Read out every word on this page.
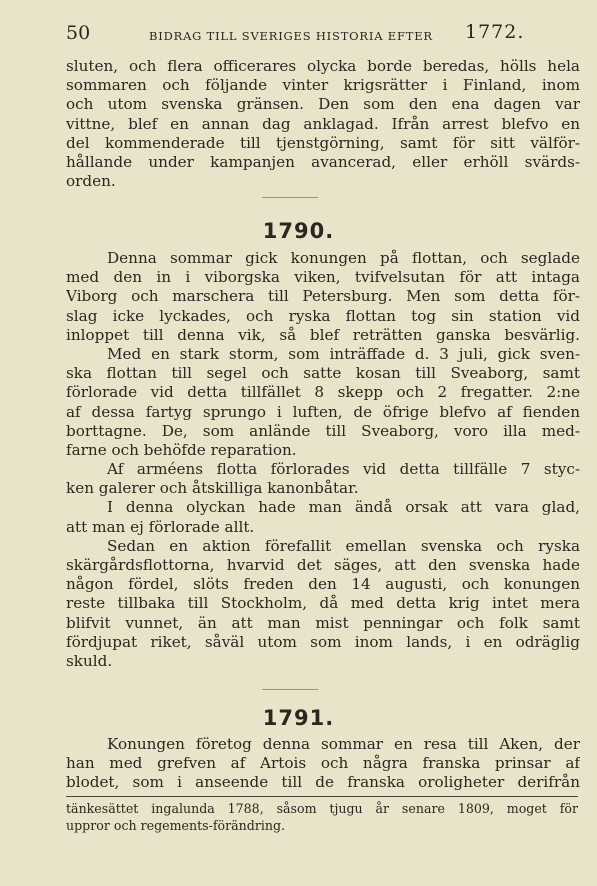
50	BIDRAG TILL SVERIGES HISTORIA EFTER 1772.
sluten, och flera officerares olycka borde beredas, hölls hela
sommaren och följande vinter krigsrätter i Finland, inom
och utom svenska gränsen. Den som den ena dagen var
vittne, blef en annan dag anklagad. Ifrån arrest blefvo en
del kommenderade till tjenstgörning, samt för sitt välför-
hållande under kampanjen avancerad, eller erhöll svärds-
orden.
1790.
Denna sommar gick konungen på flottan, och seglade
med den in i viborgska viken, tvifvelsutan för att intaga
Viborg och marschera till Petersburg. Men som detta för-
slag icke lyckades, och ryska flottan tog sin station vid
inloppet till denna vik, så blef reträtten ganska besvärlig.
Med en stark storm, som inträffade d. 3 juli, gick sven-
ska flottan till segel och satte kosan till Sveaborg, samt
förlorade vid detta tillfället 8 skepp och 2 fregatter. 2:ne
af dessa fartyg sprungo i luften, de öfrige blefvo af fienden
borttagne. De, som anlände till Sveaborg, voro illa med-
farne och behöfde reparation.
Af arméens flotta förlorades vid detta tillfälle 7 styc-
ken galerer och åtskilliga kanonbåtar.
I denna olyckan hade man ändå orsak att vara glad,
att man ej förlorade allt.
Sedan en aktion förefallit emellan svenska och ryska
skärgårdsflottorna, hvarvid det säges, att den svenska hade
någon fördel, slöts freden den 14 augusti, och konungen
reste tillbaka till Stockholm, då med detta krig intet mera
blifvit vunnet, än att man mist penningar och folk samt
fördjupat riket, såväl utom som inom lands, i en odräglig
skuld.
1791.
Konungen företog denna sommar en resa till Aken, der
han med grefven af Artois och några franska prinsar af
blodet, som i anseende till de franska oroligheter derifrån
tänkesättet ingalunda 1788, såsom tjugu år senare 1809, moget för
uppror och regements-förändring.
